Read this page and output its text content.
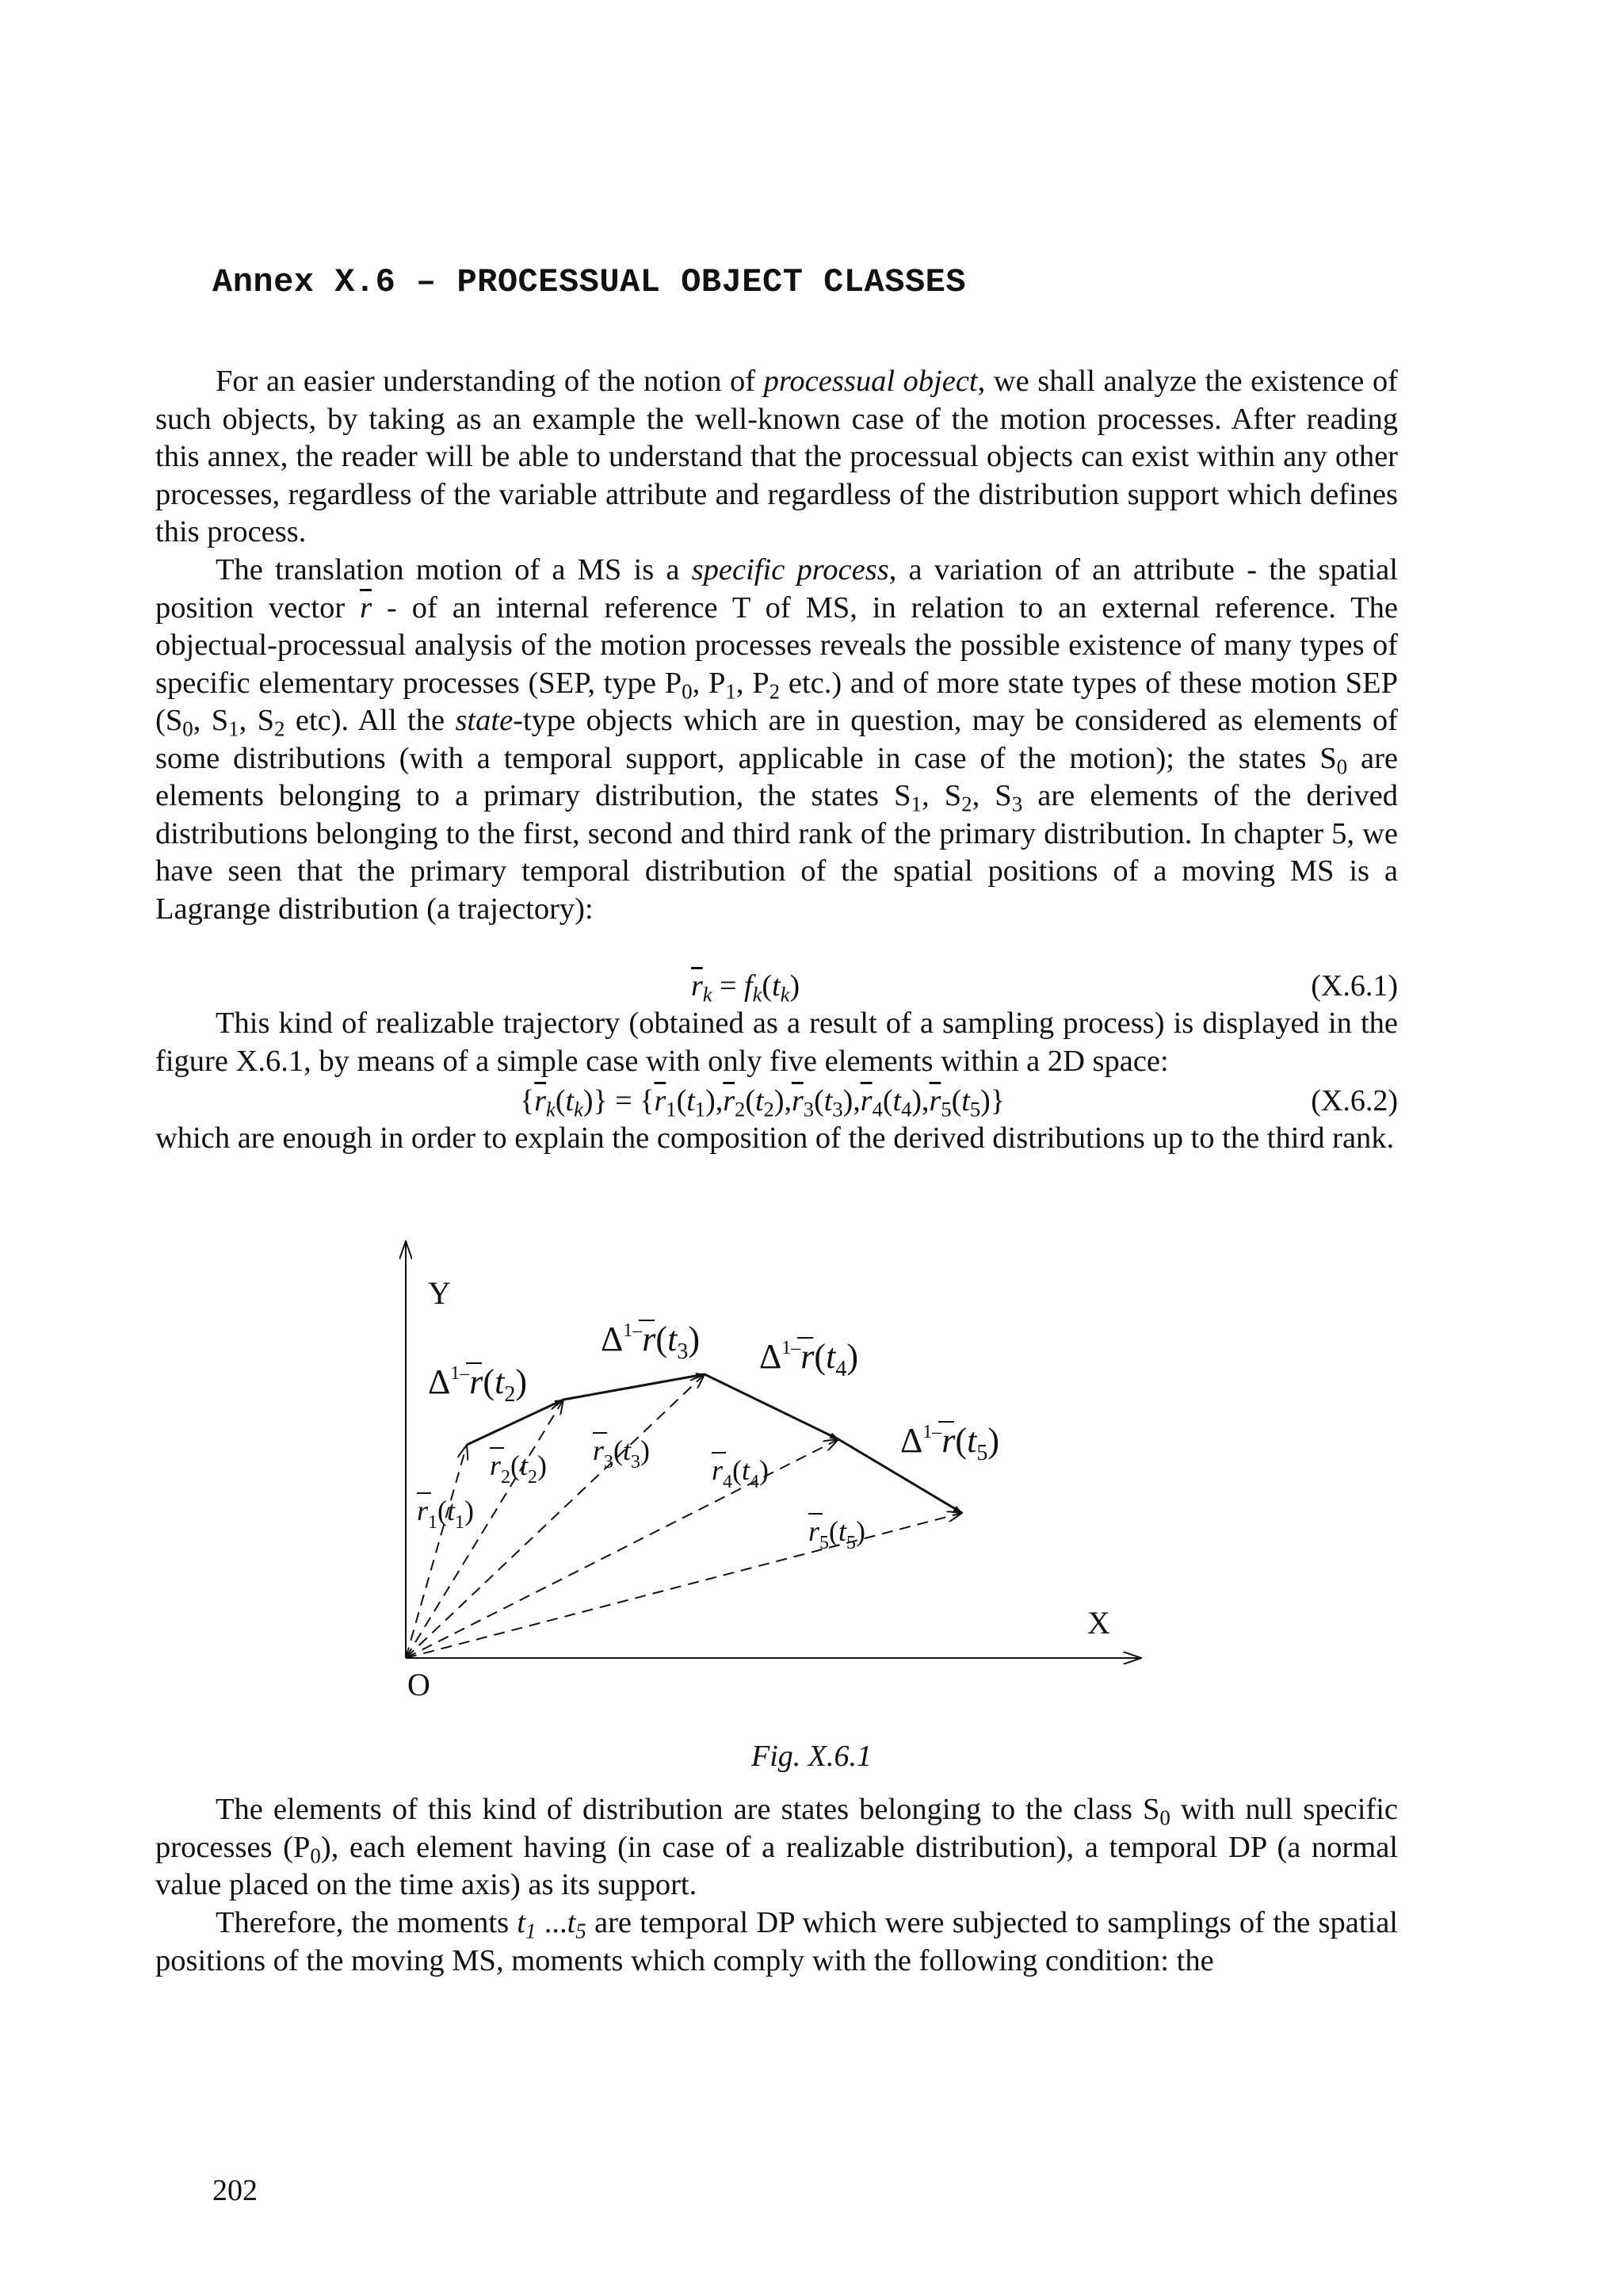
Annex X.6 – PROCESSUAL OBJECT CLASSES

For an easier understanding of the notion of processual object, we shall analyze the existence of such objects, by taking as an example the well-known case of the motion processes. After reading this annex, the reader will be able to understand that the processual objects can exist within any other processes, regardless of the variable attribute and regardless of the distribution support which defines this process.

The translation motion of a MS is a specific process, a variation of an attribute - the spatial position vector $\overline{r}$ - of an internal reference T of MS, in relation to an external reference. The objectual-processual analysis of the motion processes reveals the possible existence of many types of specific elementary processes (SEP, type $P_0$, $P_1$, $P_2$ etc.) and of more state types of these motion SEP ($S_0$, $S_1$, $S_2$ etc). All the state-type objects which are in question, may be considered as elements of some distributions (with a temporal support, applicable in case of the motion); the states $S_0$ are elements belonging to a primary distribution, the states $S_1$, $S_2$, $S_3$ are elements of the derived distributions belonging to the first, second and third rank of the primary distribution. In chapter 5, we have seen that the primary temporal distribution of the spatial positions of a moving MS is a Lagrange distribution (a trajectory):

$\overline{r}_k = f_k(t_k)$	(X.6.1)

This kind of realizable trajectory (obtained as a result of a sampling process) is displayed in the figure X.6.1, by means of a simple case with only five elements within a 2D space:

$\{\overline{r}_k(t_k)\} = \{\overline{r}_1(t_1),\overline{r}_2(t_2),\overline{r}_3(t_3),\overline{r}_4(t_4),\overline{r}_5(t_5)\}$	(X.6.2)

which are enough in order to explain the composition of the derived distributions up to the third rank.

Y
X
O
$r_1(t_1)$
$r_2(t_2)$ $r_3(t_3)$
$r_4(t_4)$
$r_5(t_5)$
$\Delta^{1-}r(t_2)$
$\Delta^{1-}r(t_3)$ $\Delta^{1-}r(t_4)$
$\Delta^{1-}r(t_5)$
Fig. X.6.1

The elements of this kind of distribution are states belonging to the class $S_0$ with null specific processes $(P_0)$, each element having (in case of a realizable distribution), a temporal DP (a normal value placed on the time axis) as its support.

Therefore, the moments $t_1$ $...t_5$ are temporal DP which were subjected to samplings of the spatial positions of the moving MS, moments which comply with the following condition: the

202
